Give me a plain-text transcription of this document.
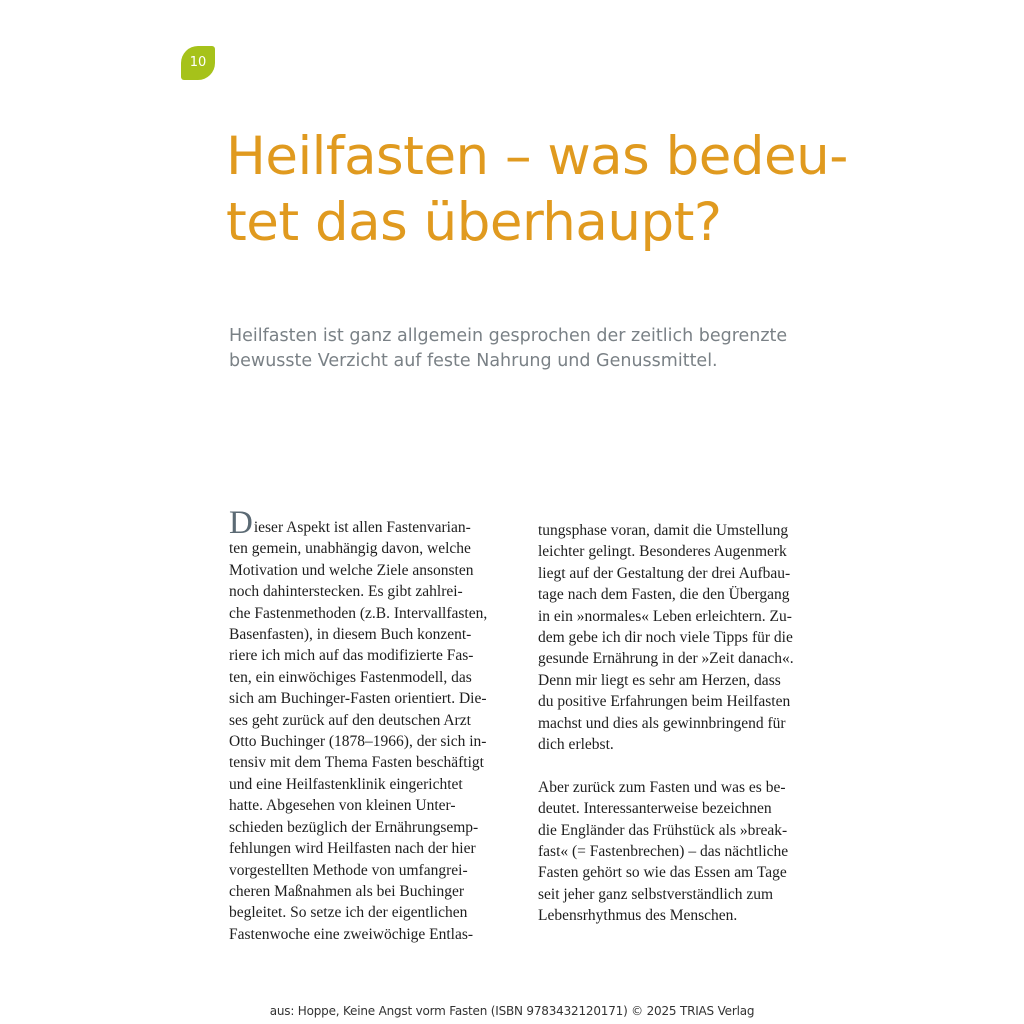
10
Heilfasten – was bedeu-
tet das überhaupt?

Heilfasten ist ganz allgemein gesprochen der zeitlich begrenzte
bewusste Verzicht auf feste Nahrung und Genussmittel.

Dieser Aspekt ist allen Fastenvarian-
ten gemein, unabhängig davon, welche
Motivation und welche Ziele ansonsten
noch dahinterstecken. Es gibt zahlrei-
che Fastenmethoden (z.B. Intervallfasten,
Basenfasten), in diesem Buch konzent-
riere ich mich auf das modifizierte Fas-
ten, ein einwöchiges Fastenmodell, das
sich am Buchinger-Fasten orientiert. Die-
ses geht zurück auf den deutschen Arzt
Otto Buchinger (1878–1966), der sich in-
tensiv mit dem Thema Fasten beschäftigt
und eine Heilfastenklinik eingerichtet
hatte. Abgesehen von kleinen Unter-
schieden bezüglich der Ernährungsemp-
fehlungen wird Heilfasten nach der hier
vorgestellten Methode von umfangrei-
cheren Maßnahmen als bei Buchinger
begleitet. So setze ich der eigentlichen
Fastenwoche eine zweiwöchige Entlas-

tungsphase voran, damit die Umstellung
leichter gelingt. Besonderes Augenmerk
liegt auf der Gestaltung der drei Aufbau-
tage nach dem Fasten, die den Übergang
in ein »normales« Leben erleichtern. Zu-
dem gebe ich dir noch viele Tipps für die
gesunde Ernährung in der »Zeit danach«.
Denn mir liegt es sehr am Herzen, dass
du positive Erfahrungen beim Heilfasten
machst und dies als gewinnbringend für
dich erlebst.

Aber zurück zum Fasten und was es be-
deutet. Interessanterweise bezeichnen
die Engländer das Frühstück als »break-
fast« (= Fastenbrechen) – das nächtliche
Fasten gehört so wie das Essen am Tage
seit jeher ganz selbstverständlich zum
Lebensrhythmus des Menschen.

aus: Hoppe, Keine Angst vorm Fasten (ISBN 9783432120171) © 2025 TRIAS Verlag
